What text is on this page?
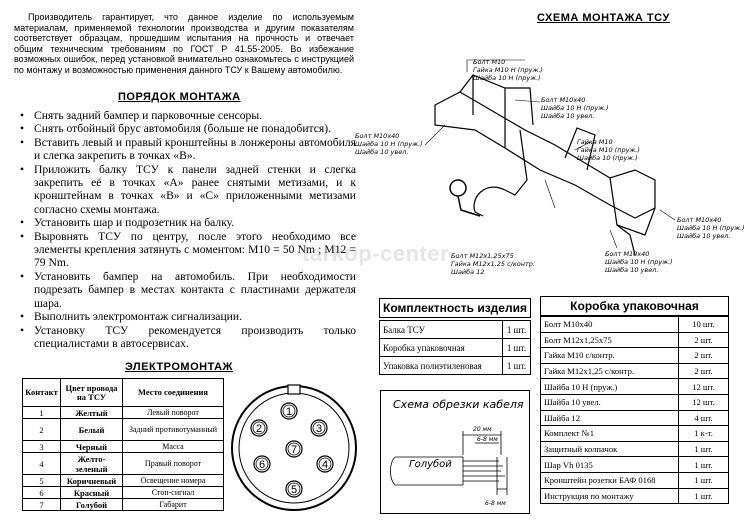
Производитель гарантирует, что данное изделие по используемым материалам, применяемой технологии производства и другим показателям соответствует образцам, прошедшим испытания на прочность и отвечает общим техническим требованиям по ГОСТ Р 41.55-2005. Во избежание возможных ошибок, перед установкой внимательно ознакомьтесь с инструкцией по монтажу и возможностью применения данного ТСУ к Вашему автомобилю.

ПОРЯДОК МОНТАЖА
• Снять задний бампер и парковочные сенсоры.
• Снять отбойный брус автомобиля (больше не понадобится).
• Вставить левый и правый кронштейны в лонжероны автомобиля и слегка закрепить в точках «В».
• Приложить балку ТСУ к панели задней стенки и слегка закрепить её в точках «А» ранее снятыми метизами, и к кронштейнам в точках «В» и «С» приложенными метизами согласно схемы монтажа.
• Установить шар и подрозетник на балку.
• Выровнять ТСУ по центру, после этого необходимо все элементы крепления затянуть с моментом: М10 = 50 Nm ; М12 = 79 Nm.
• Установить бампер на автомобиль. При необходимости подрезать бампер в местах контакта с пластинами держателя шара.
• Выполнить электромонтаж сигнализации.
• Установку ТСУ рекомендуется производить только специалистами в автосервисах.
ЭЛЕКТРОМОНТАЖ
Контакт	Цвет провода на ТСУ	Место соединения
1	Желтый	Левый поворот
2	Белый	Задний противотуманный
3	Черный	Масса
4	Желто-зеленый	Правый поворот
5	Коричневый	Освещение номера
6	Красный	Стоп-сигнал
7	Голубой	Габарит
1
2	3
4
5
6
7
СХЕМА МОНТАЖА ТСУ
Болт М10
Гайка М10 H (пруж.)
Шайба 10 H (пруж.)
Болт М10х40
Шайба 10 H (пруж.)
Шайба 10 увел.
Болт М10х40
Шайба 10 H (пруж.)
Шайба 10 увел.
Гайка М10
Гайка М10 (пруж.)
Шайба 10 (пруж.)
Болт М12х1,25х75
Гайка М12х1,25 с/контр.
Шайба 12
Болт М10х40
Шайба 10 H (пруж.)
Шайба 10 увел.
Болт М10х40
Шайба 10 H (пруж.)
Шайба 10 увел.
tarkop-center
Комплектность изделия
Балка ТСУ	1 шт.
Коробка упаковочная	1 шт.
Упаковка полиэтиленовая	1 шт.
Коробка упаковочная
Болт М10х40	10 шт.
Болт М12х1,25х75	2 шт.
Гайка М10 с/контр.	2 шт.
Гайка М12х1,25 с/контр.	2 шт.
Шайба 10 H (пруж.)	12 шт.
Шайба 10 увел.	12 шт.
Шайба 12	4 шт.
Комплект №1	1 к-т.
Защитный колпачок	1 шт.
Шар Vh 0135	1 шт.
Кронштейн розетки БАФ 0168	1 шт.
Инструкция по монтажу	1 шт.
Схема обрезки кабеля
20 мм
6-8 мм
6-8 мм
Голубой
